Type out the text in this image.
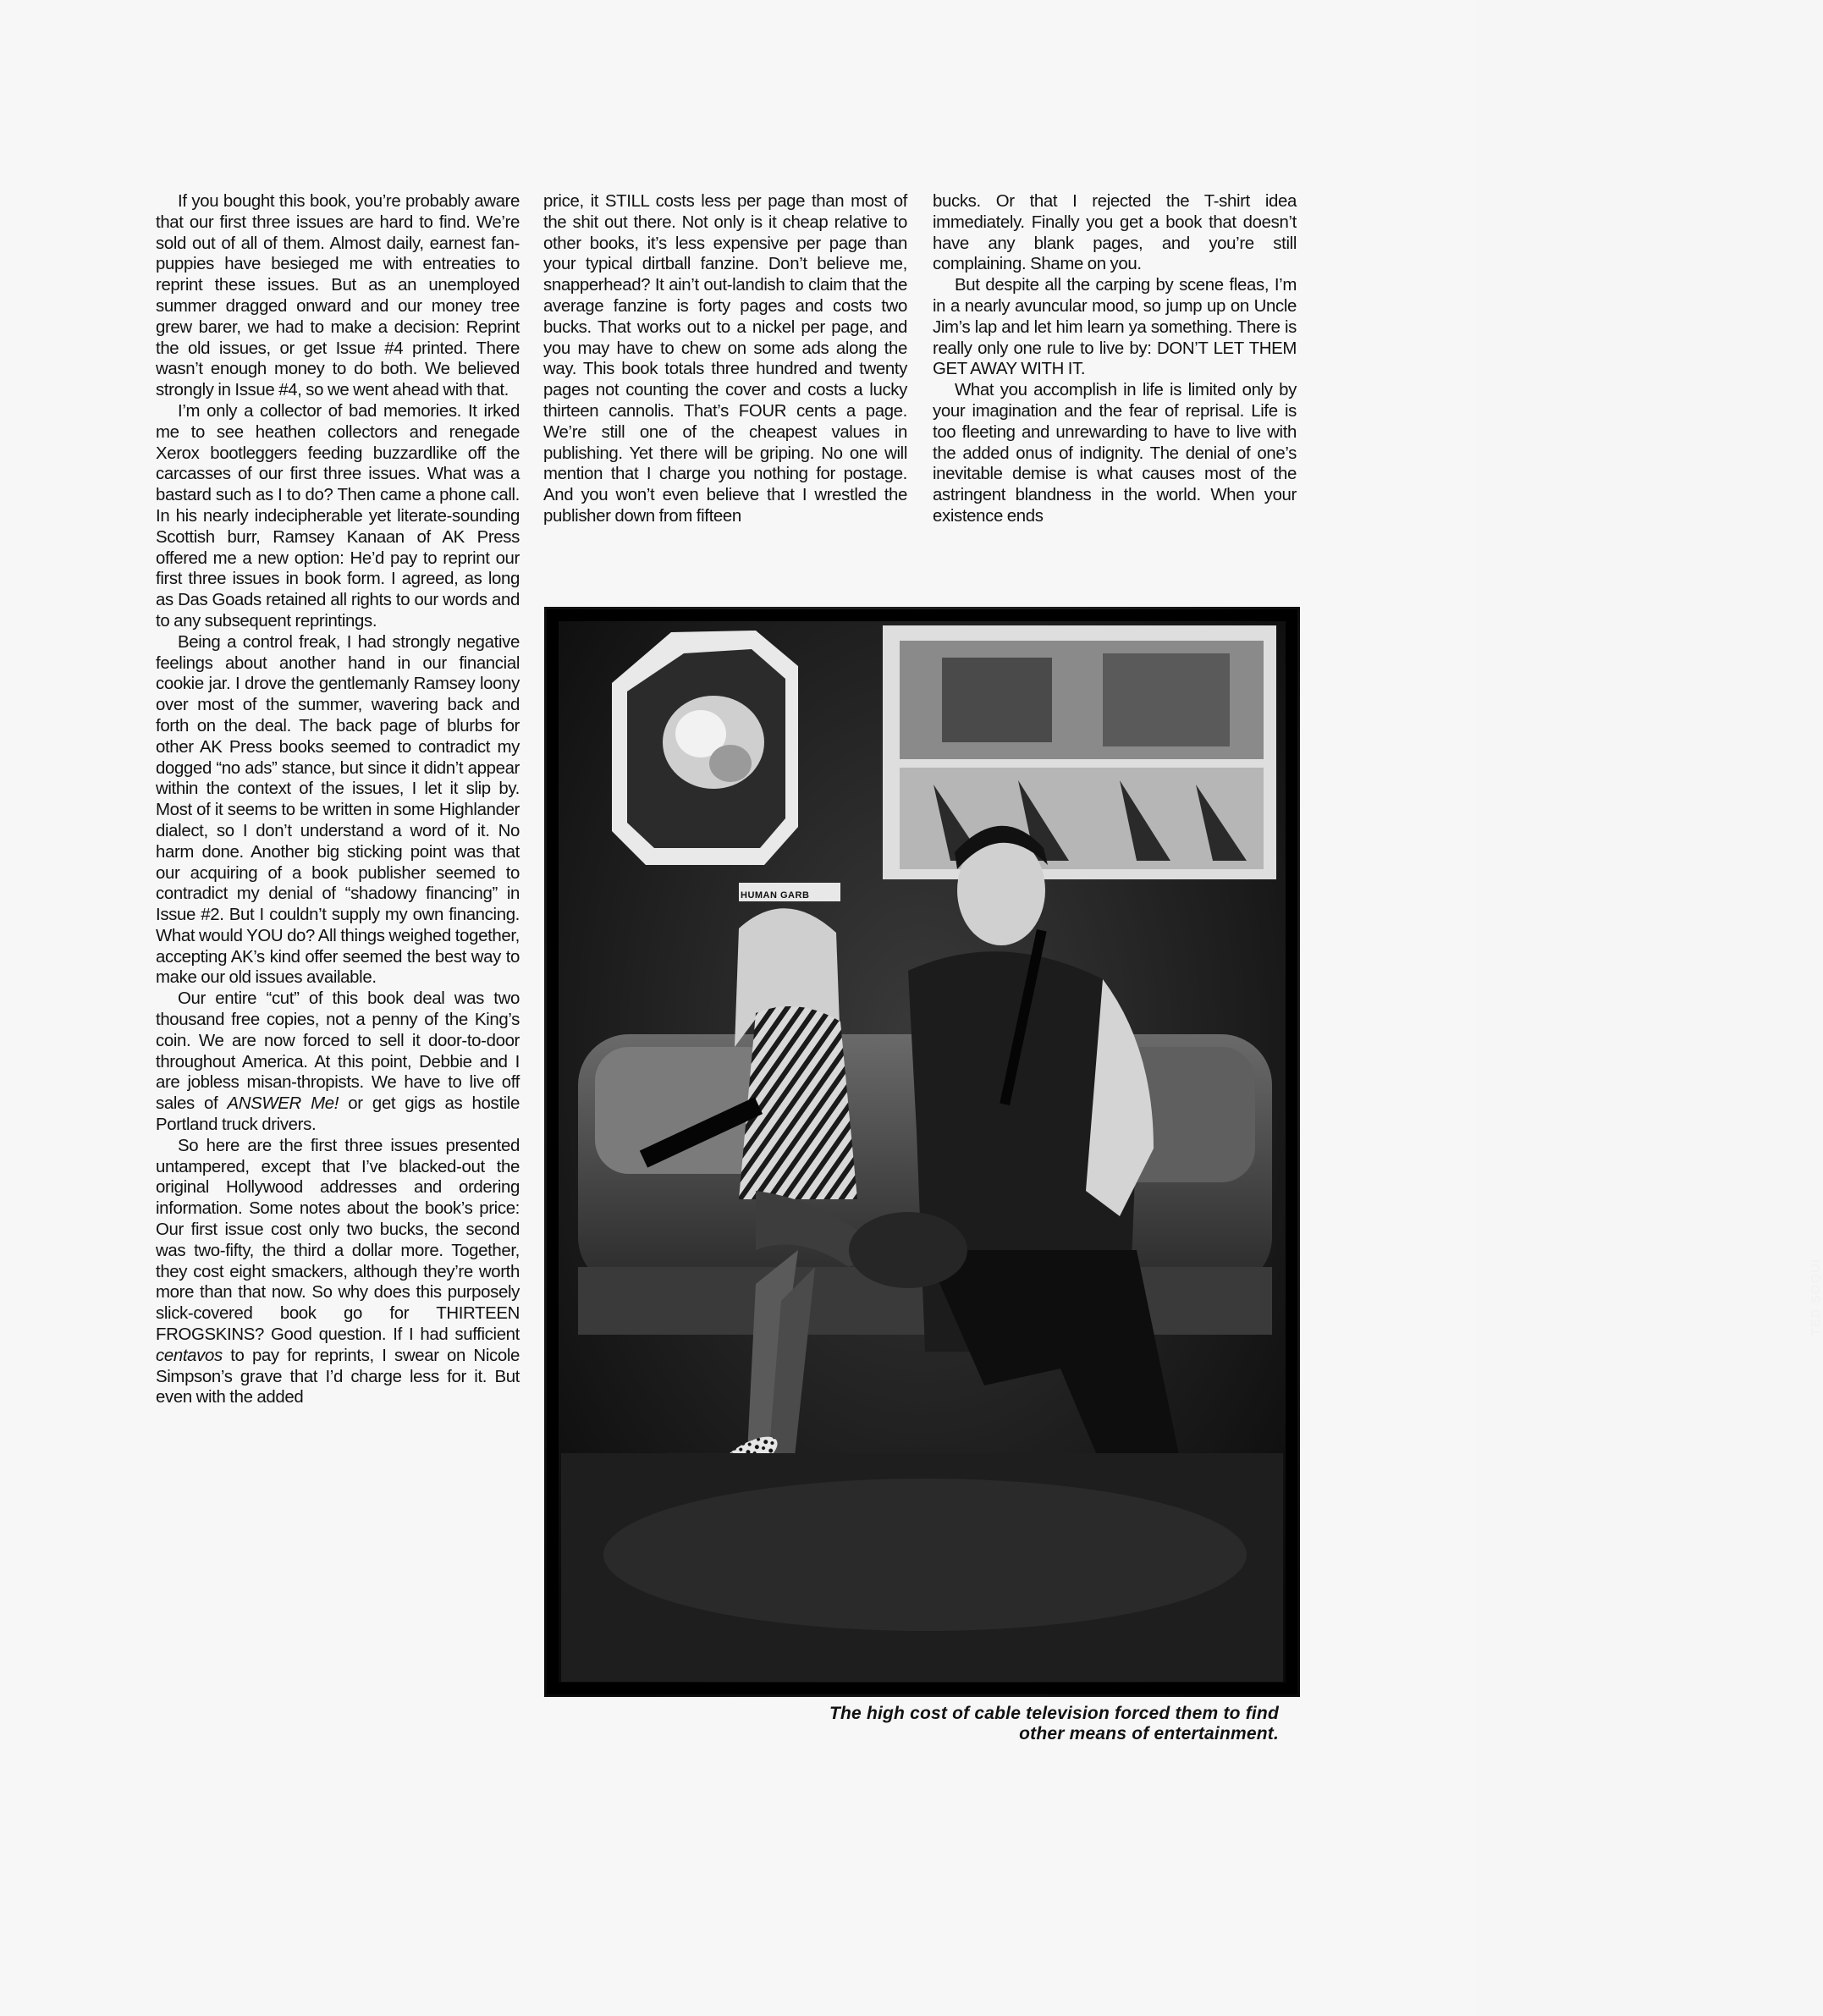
If you bought this book, you’re probably aware that our first three issues are hard to find. We’re sold out of all of them. Almost daily, earnest fan-puppies have besieged me with entreaties to reprint these issues. But as an unemployed summer dragged onward and our money tree grew barer, we had to make a decision: Reprint the old issues, or get Issue #4 printed. There wasn’t enough money to do both. We believed strongly in Issue #4, so we went ahead with that.

I’m only a collector of bad memories. It irked me to see heathen collectors and renegade Xerox bootleggers feeding buzzardlike off the carcasses of our first three issues. What was a bastard such as I to do? Then came a phone call. In his nearly indecipherable yet literate-sounding Scottish burr, Ramsey Kanaan of AK Press offered me a new option: He’d pay to reprint our first three issues in book form. I agreed, as long as Das Goads retained all rights to our words and to any subsequent reprintings.

Being a control freak, I had strongly negative feelings about another hand in our financial cookie jar. I drove the gentlemanly Ramsey loony over most of the summer, wavering back and forth on the deal. The back page of blurbs for other AK Press books seemed to contradict my dogged “no ads” stance, but since it didn’t appear within the context of the issues, I let it slip by. Most of it seems to be written in some Highlander dialect, so I don’t understand a word of it. No harm done. Another big sticking point was that our acquiring of a book publisher seemed to contradict my denial of “shadowy financing” in Issue #2. But I couldn’t supply my own financing. What would YOU do? All things weighed together, accepting AK’s kind offer seemed the best way to make our old issues available.

Our entire “cut” of this book deal was two thousand free copies, not a penny of the King’s coin. We are now forced to sell it door-to-door throughout America. At this point, Debbie and I are jobless misan-thropists. We have to live off sales of ANSWER Me! or get gigs as hostile Portland truck drivers.

So here are the first three issues presented untampered, except that I’ve blacked-out the original Hollywood addresses and ordering information. Some notes about the book’s price: Our first issue cost only two bucks, the second was two-fifty, the third a dollar more. Together, they cost eight smackers, although they’re worth more than that now. So why does this purposely slick-covered book go for THIRTEEN FROGSKINS? Good question. If I had sufficient centavos to pay for reprints, I swear on Nicole Simpson’s grave that I’d charge less for it. But even with the added

price, it STILL costs less per page than most of the shit out there. Not only is it cheap relative to other books, it’s less expensive per page than your typical dirtball fanzine. Don’t believe me, snapperhead? It ain’t out-landish to claim that the average fanzine is forty pages and costs two bucks. That works out to a nickel per page, and you may have to chew on some ads along the way. This book totals three hundred and twenty pages not counting the cover and costs a lucky thirteen cannolis. That’s FOUR cents a page. We’re still one of the cheapest values in publishing. Yet there will be griping. No one will mention that I charge you nothing for postage. And you won’t even believe that I wrestled the publisher down from fifteen

bucks. Or that I rejected the T-shirt idea immediately. Finally you get a book that doesn’t have any blank pages, and you’re still complaining. Shame on you.

But despite all the carping by scene fleas, I’m in a nearly avuncular mood, so jump up on Uncle Jim’s lap and let him learn ya something. There is really only one rule to live by: DON’T LET THEM GET AWAY WITH IT.

What you accomplish in life is limited only by your imagination and the fear of reprisal. Life is too fleeting and unrewarding to have to live with the added onus of indignity. The denial of one’s inevitable demise is what causes most of the astringent blandness in the world. When your existence ends

TED SOQUI
HUMAN GARB
The high cost of cable television forced them to find
other means of entertainment.
